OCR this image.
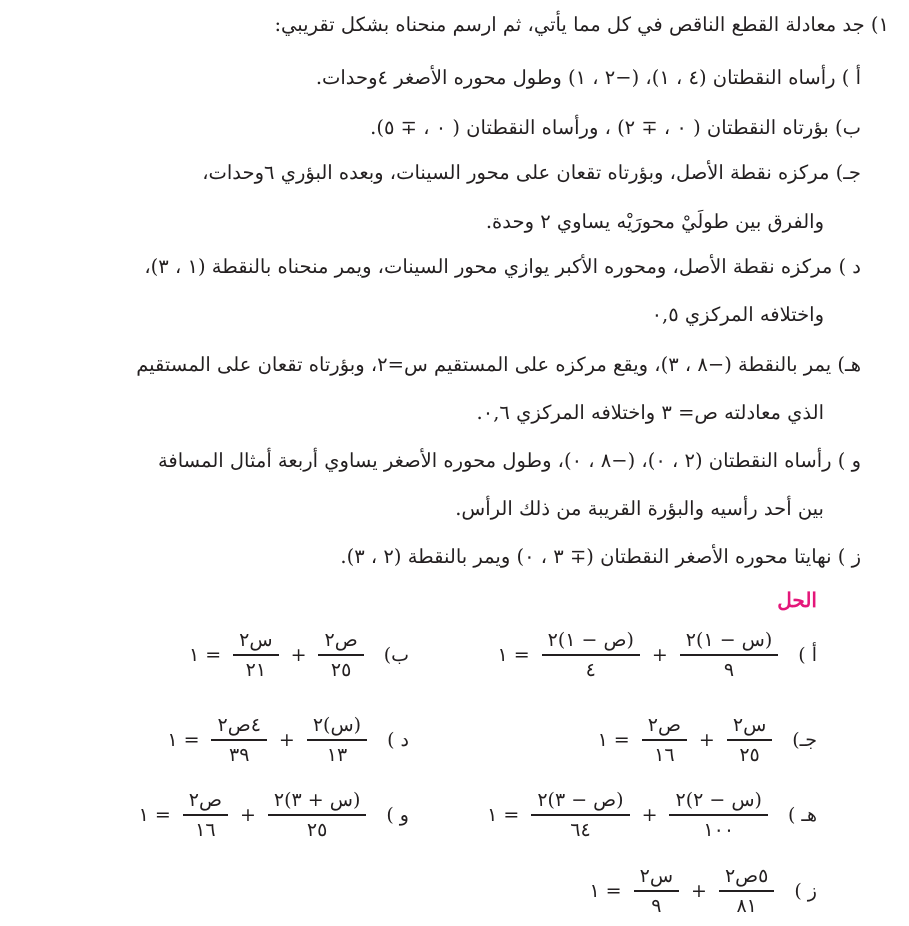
١) جد معادلة القطع الناقص في كل مما يأتي، ثم ارسم منحناه بشكل تقريبي:
أ ) رأساه النقطتان (٤ ، ١)، (−٢ ، ١) وطول محوره الأصغر ٤وحدات.
ب) بؤرتاه النقطتان ( ٠ ، ∓ ٢) ، ورأساه النقطتان ( ٠ ، ∓ ٥).
جـ) مركزه نقطة الأصل، وبؤرتاه تقعان على محور السينات، وبعده البؤري ٦وحدات،
والفرق بين طولَيْ محورَيْه يساوي ٢ وحدة.
د ) مركزه نقطة الأصل، ومحوره الأكبر يوازي محور السينات، ويمر منحناه بالنقطة (١ ، ٣)،
واختلافه المركزي ٠,٥
هـ) يمر بالنقطة (−٨ ، ٣)، ويقع مركزه على المستقيم س=٢، وبؤرتاه تقعان على المستقيم
الذي معادلته ص= ٣ واختلافه المركزي ٠,٦.
و ) رأساه النقطتان (٢ ، ٠)، (−٨ ، ٠)، وطول محوره الأصغر يساوي أربعة أمثال المسافة
بين أحد رأسيه والبؤرة القريبة من ذلك الرأس.
ز ) نهايتا محوره الأصغر النقطتان (∓ ٣ ، ٠) ويمر بالنقطة (٢ ، ٣).
الحل
أ )
$\frac{\text{(س − ١)٢}}{٩}$
+
$\frac{\text{(ص − ١)٢}}{٤}$
=
١
ب)
$\frac{\text{ص٢}}{٢٥}$
+
$\frac{\text{س٢}}{٢١}$
=
١
جـ)
$\frac{\text{س٢}}{٢٥}$
+
$\frac{\text{ص٢}}{١٦}$
=
١
د )
$\frac{\text{(س)٢}}{١٣}$
+
$\frac{\text{٤ص٢}}{٣٩}$
=
١
هـ )
$\frac{\text{(س − ٢)٢}}{١٠٠}$
+
$\frac{\text{(ص − ٣)٢}}{٦٤}$
=
١
و )
$\frac{\text{(س + ٣)٢}}{٢٥}$
+
$\frac{\text{ص٢}}{١٦}$
=
١
ز )
$\frac{\text{٥ص٢}}{٨١}$
+
$\frac{\text{س٢}}{٩}$
=
١
